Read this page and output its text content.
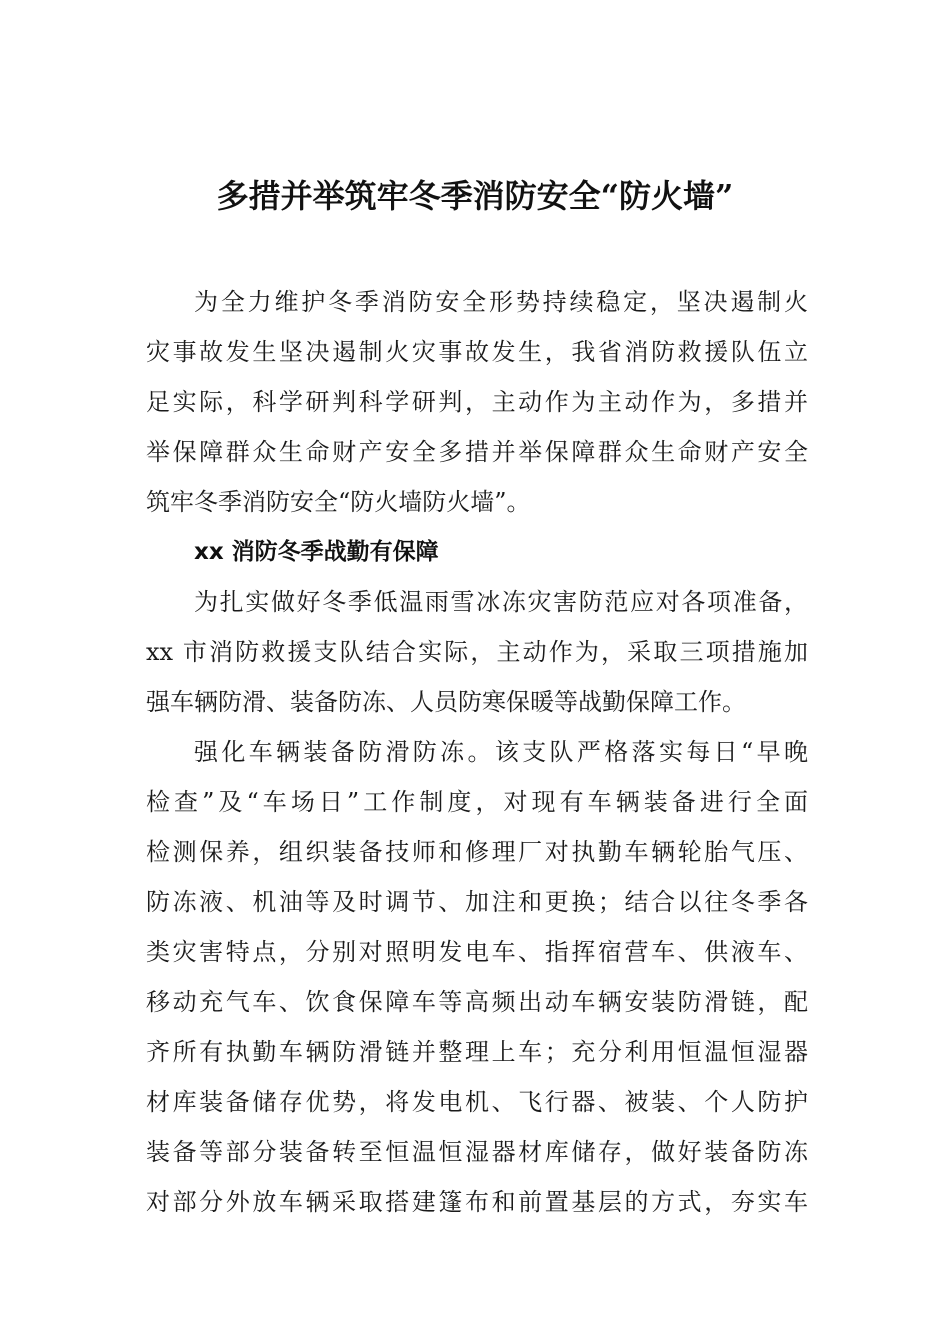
多措并举筑牢冬季消防安全“防火墙”
为全力维护冬季消防安全形势持续稳定，坚决遏制火
灾事故发生坚决遏制火灾事故发生，我省消防救援队伍立
足实际，科学研判科学研判，主动作为主动作为，多措并
举保障群众生命财产安全多措并举保障群众生命财产安全
筑牢冬季消防安全“防火墙防火墙”。
xx 消防冬季战勤有保障
为扎实做好冬季低温雨雪冰冻灾害防范应对各项准备，
xx 市消防救援支队结合实际，主动作为，采取三项措施加
强车辆防滑、装备防冻、人员防寒保暖等战勤保障工作。
强化车辆装备防滑防冻。该支队严格落实每日“早晚
检查”及“车场日”工作制度，对现有车辆装备进行全面
检测保养，组织装备技师和修理厂对执勤车辆轮胎气压、
防冻液、机油等及时调节、加注和更换；结合以往冬季各
类灾害特点，分别对照明发电车、指挥宿营车、供液车、
移动充气车、饮食保障车等高频出动车辆安装防滑链，配
齐所有执勤车辆防滑链并整理上车；充分利用恒温恒湿器
材库装备储存优势，将发电机、飞行器、被装、个人防护
装备等部分装备转至恒温恒湿器材库储存，做好装备防冻
对部分外放车辆采取搭建篷布和前置基层的方式，夯实车
